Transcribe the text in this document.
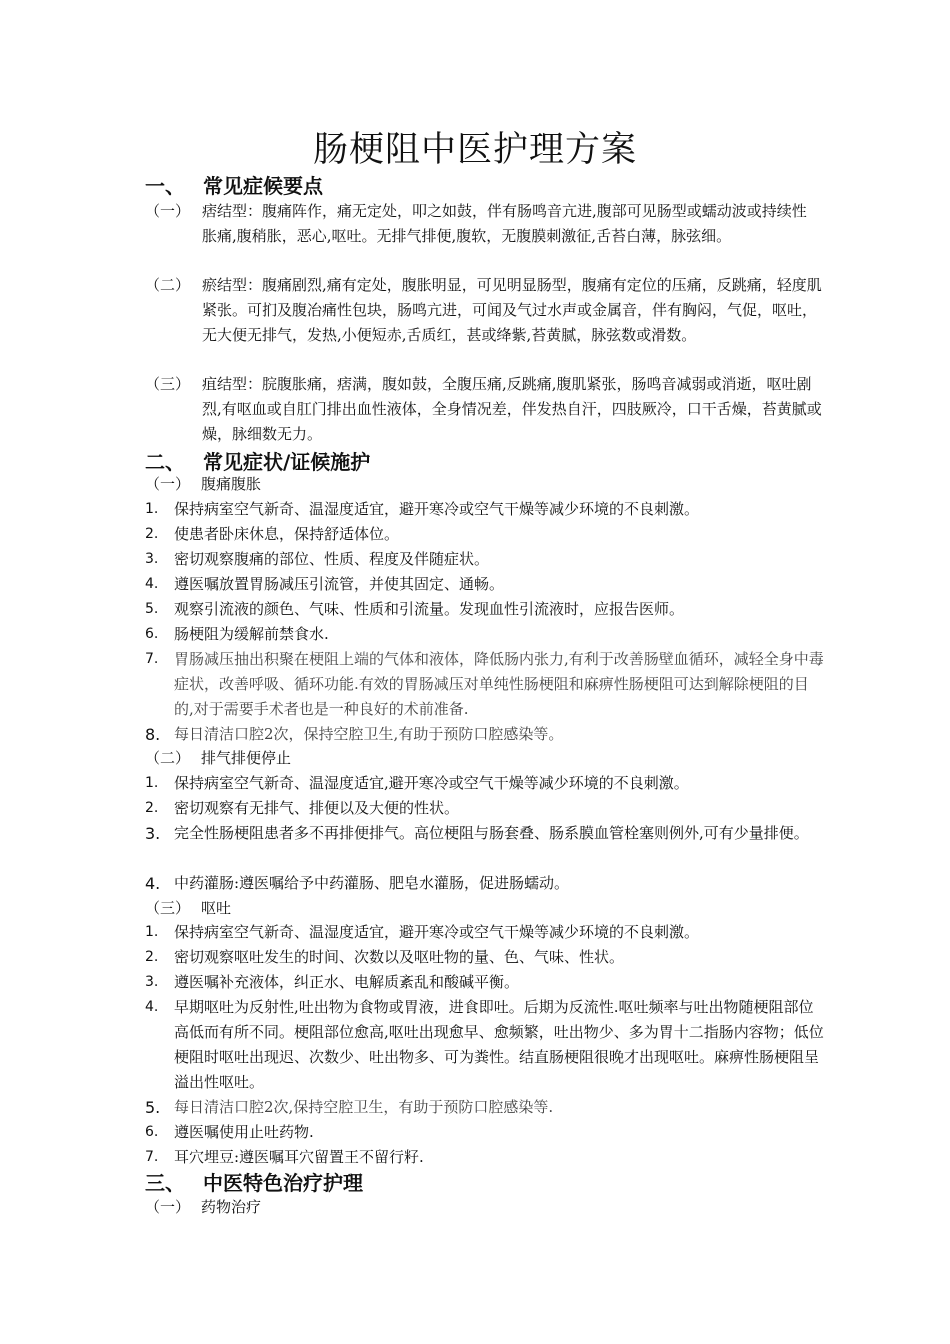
肠梗阻中医护理方案
一、 常见症候要点
（一） 痞结型：腹痛阵作，痛无定处，叩之如鼓，伴有肠鸣音亢进,腹部可见肠型或蠕动波或持续性 胀痛,腹稍胀，恶心,呕吐。无排气排便,腹软，无腹膜刺激征,舌苔白薄，脉弦细。
（二） 瘀结型：腹痛剧烈,痛有定处，腹胀明显，可见明显肠型，腹痛有定位的压痛，反跳痛，轻度肌紧张。可扪及腹冶痛性包块，肠鸣亢进，可闻及气过水声或金属音，伴有胸闷，气促，呕吐，无大便无排气，发热,小便短赤,舌质红，甚或绛紫,苔黄腻，脉弦数或滑数。
（三） 疽结型：脘腹胀痛，痞满，腹如鼓，全腹压痛,反跳痛,腹肌紧张，肠鸣音减弱或消逝，呕吐剧烈,有呕血或自肛门排出血性液体，全身情况差，伴发热自汗，四肢厥冷，口干舌燥，苔黄腻或燥，脉细数无力。
二、 常见症状/证候施护
（一） 腹痛腹胀
1. 保持病室空气新奇、温湿度适宜，避开寒冷或空气干燥等减少环境的不良刺激。
2. 使患者卧床休息，保持舒适体位。
3. 密切观察腹痛的部位、性质、程度及伴随症状。
4. 遵医嘱放置胃肠减压引流管，并使其固定、通畅。
5. 观察引流液的颜色、气味、性质和引流量。发现血性引流液时，应报告医师。
6. 肠梗阻为缓解前禁食水.
7. 胃肠减压抽出积聚在梗阻上端的气体和液体，降低肠内张力,有利于改善肠壁血循环，减轻全身中毒症状，改善呼吸、循环功能.有效的胃肠减压对单纯性肠梗阻和麻痹性肠梗阻可达到解除梗阻的目的,对于需要手术者也是一种良好的术前准备.
8. 每日清洁口腔2次，保持空腔卫生,有助于预防口腔感染等。
（二） 排气排便停止
1. 保持病室空气新奇、温湿度适宜,避开寒冷或空气干燥等减少环境的不良刺激。
2. 密切观察有无排气、排便以及大便的性状。
3. 完全性肠梗阻患者多不再排便排气。高位梗阻与肠套叠、肠系膜血管栓塞则例外,可有少量排便。
4. 中药灌肠:遵医嘱给予中药灌肠、肥皂水灌肠，促进肠蠕动。
（三） 呕吐
1. 保持病室空气新奇、温湿度适宜，避开寒冷或空气干燥等减少环境的不良刺激。
2. 密切观察呕吐发生的时间、次数以及呕吐物的量、色、气味、性状。
3. 遵医嘱补充液体，纠正水、电解质紊乱和酸碱平衡。
4. 早期呕吐为反射性,吐出物为食物或胃液，进食即吐。后期为反流性.呕吐频率与吐出物随梗阻部位高低而有所不同。梗阻部位愈高,呕吐出现愈早、愈频繁，吐出物少、多为胃十二指肠内容物；低位梗阻时呕吐出现迟、次数少、吐出物多、可为粪性。结直肠梗阻很晚才出现呕吐。麻痹性肠梗阻呈溢出性呕吐。
5. 每日清洁口腔2次,保持空腔卫生，有助于预防口腔感染等.
6. 遵医嘱使用止吐药物.
7. 耳穴埋豆:遵医嘱耳穴留置王不留行籽.
三、 中医特色治疗护理
（一） 药物治疗
